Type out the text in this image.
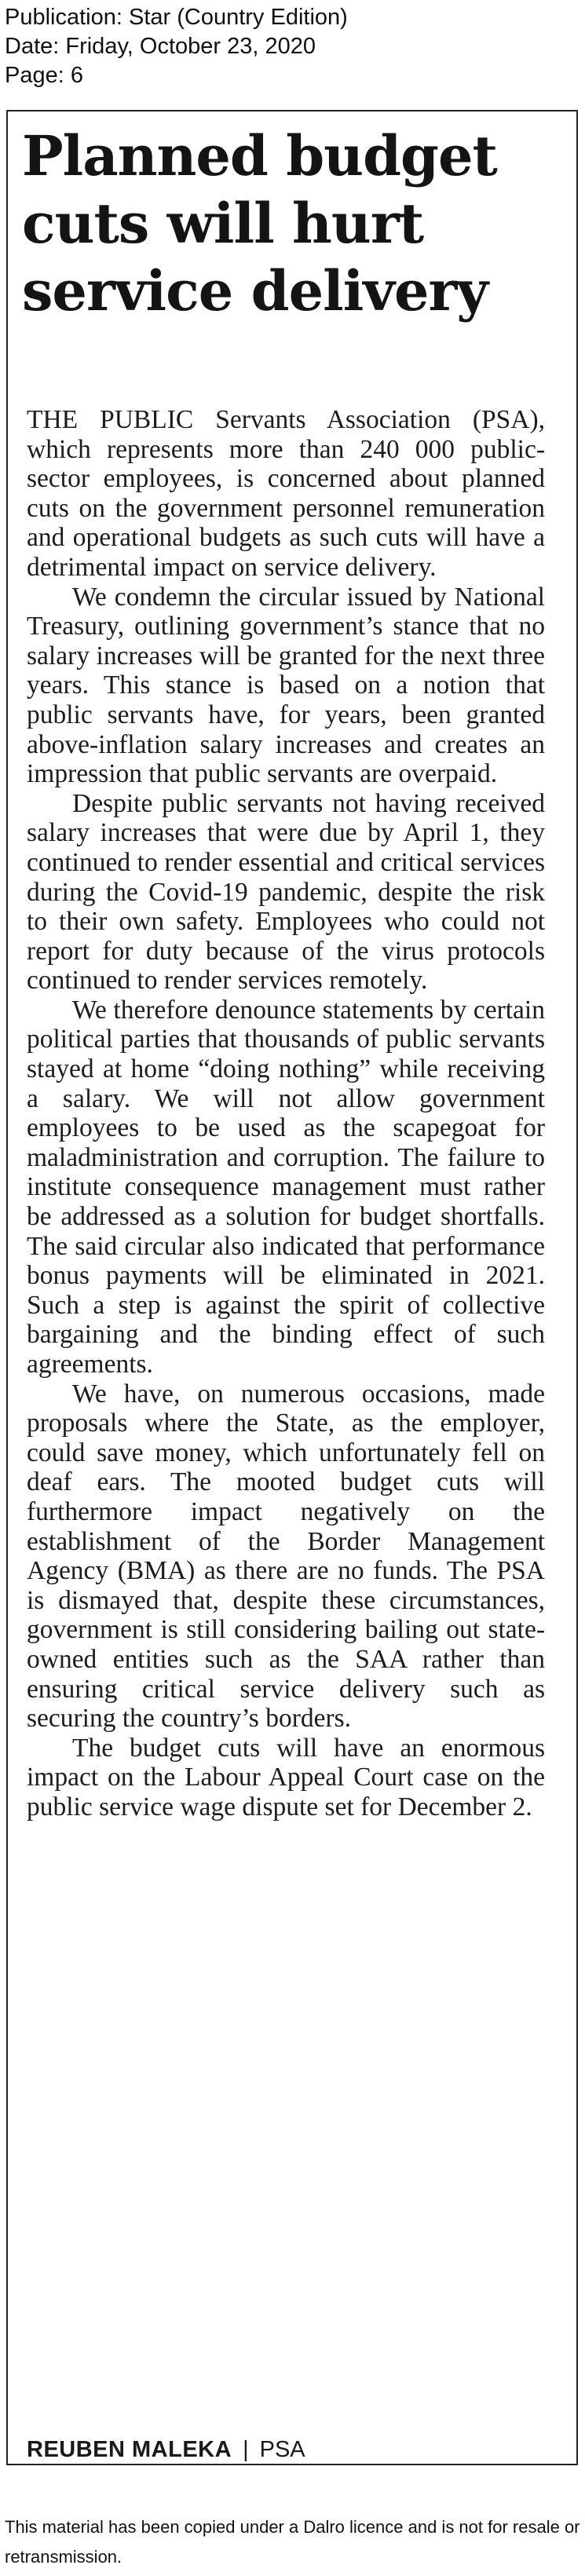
Publication: Star (Country Edition)
Date: Friday, October 23, 2020
Page: 6
Planned budget
cuts will hurt
service delivery

THE PUBLIC Servants Association (PSA), which represents more than 240 000 public-sector employees, is concerned about planned cuts on the government personnel remuneration and operational budgets as such cuts will have a detrimental impact on service delivery.

We condemn the circular issued by National Treasury, outlining government’s stance that no salary increases will be granted for the next three years. This stance is based on a notion that public servants have, for years, been granted above-inflation salary increases and creates an impression that public servants are overpaid.

Despite public servants not having received salary increases that were due by April 1, they continued to render essential and critical services during the Covid-19 pandemic, despite the risk to their own safety. Employees who could not report for duty because of the virus protocols continued to render services remotely.

We therefore denounce statements by certain political parties that thousands of public servants stayed at home “doing nothing” while receiving a salary. We will not allow government employees to be used as the scapegoat for maladministration and corruption. The failure to institute consequence management must rather be addressed as a solution for budget shortfalls. The said circular also indicated that performance bonus payments will be eliminated in 2021. Such a step is against the spirit of collective bargaining and the binding effect of such agreements.

We have, on numerous occasions, made proposals where the State, as the employer, could save money, which unfortunately fell on deaf ears. The mooted budget cuts will furthermore impact negatively on the establishment of the Border Management Agency (BMA) as there are no funds. The PSA is dismayed that, despite these circumstances, government is still considering bailing out state-owned entities such as the SAA rather than ensuring critical service delivery such as securing the country’s borders.

The budget cuts will have an enormous impact on the Labour Appeal Court case on the public service wage dispute set for December 2.

REUBEN MALEKA | PSA
This material has been copied under a Dalro licence and is not for resale or retransmission.
